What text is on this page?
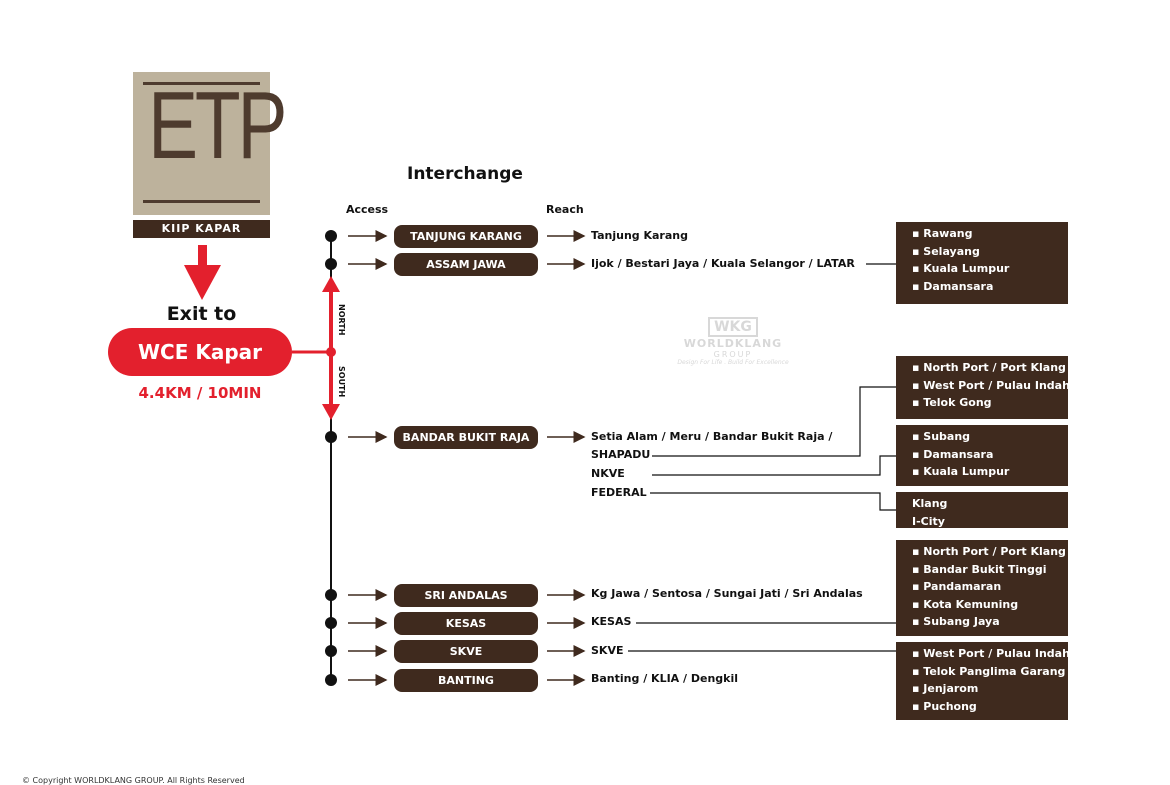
ETP
KIIP KAPAR
Exit to
WCE Kapar
4.4KM / 10MIN
NORTH
SOUTH
Interchange
Access	Reach
TANJUNG KARANG
ASSAM JAWA
BANDAR BUKIT RAJA
SRI ANDALAS
KESAS
SKVE
BANTING
Tanjung Karang
Ijok / Bestari Jaya / Kuala Selangor / LATAR
Setia Alam / Meru / Bandar Bukit Raja /
SHAPADU
NKVE
FEDERAL
Kg Jawa / Sentosa / Sungai Jati / Sri Andalas
KESAS
SKVE
Banting / KLIA / Dengkil
▪ Rawang
▪ Selayang
▪ Kuala Lumpur
▪ Damansara
▪ North Port / Port Klang
▪ West Port / Pulau Indah
▪ Telok Gong
▪ Subang
▪ Damansara
▪ Kuala Lumpur
Klang
I-City
▪ North Port / Port Klang
▪ Bandar Bukit Tinggi
▪ Pandamaran
▪ Kota Kemuning
▪ Subang Jaya
▪ West Port / Pulau Indah
▪ Telok Panglima Garang
▪ Jenjarom
▪ Puchong
WKG
WORLDKLANG
GROUP
Design For Life . Build For Excellence
© Copyright WORLDKLANG GROUP. All Rights Reserved
